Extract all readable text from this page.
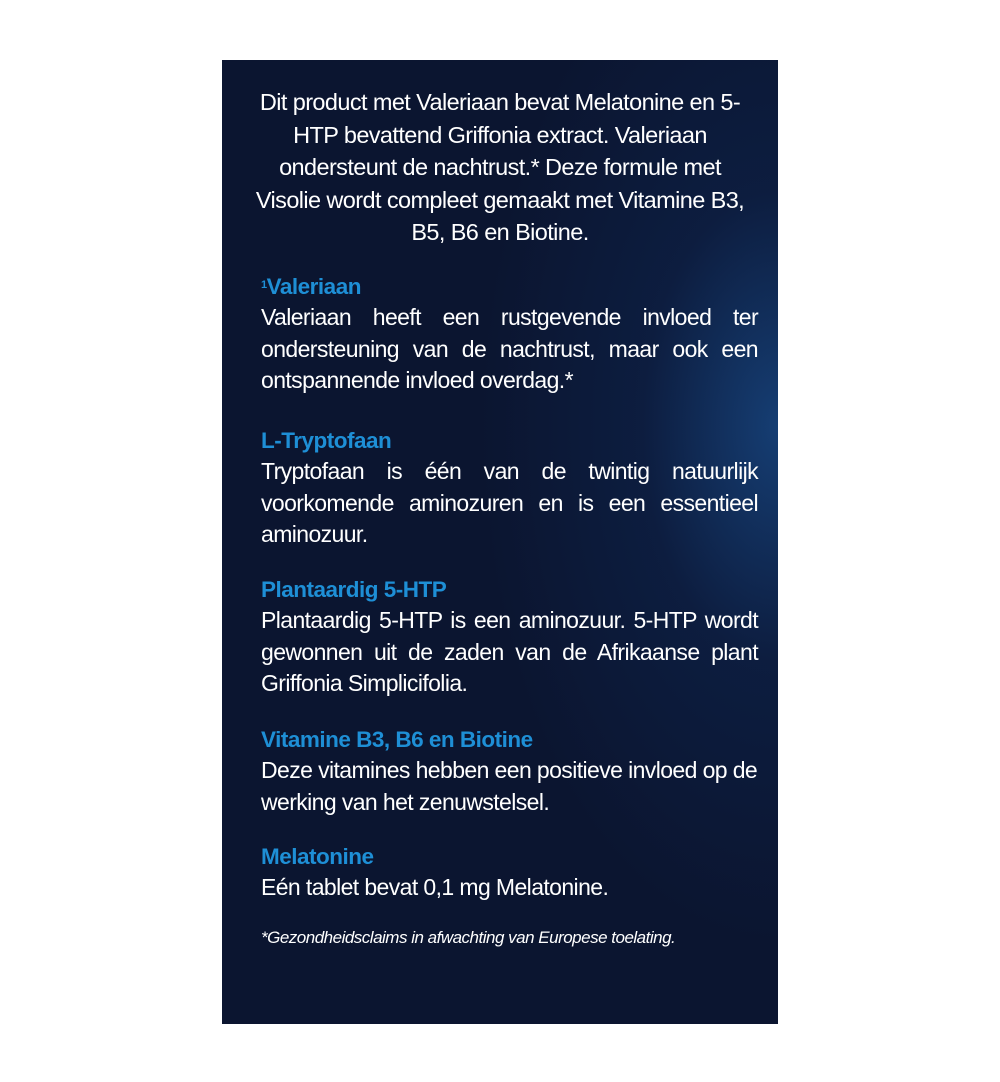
Dit product met Valeriaan bevat Melatonine en 5-HTP bevattend Griffonia extract. Valeriaan ondersteunt de nachtrust.* Deze formule met Visolie wordt compleet gemaakt met Vitamine B3, B5, B6 en Biotine.

$^1$Valeriaan

Valeriaan heeft een rustgevende invloed ter ondersteuning van de nachtrust, maar ook een ontspannende invloed overdag.*

L-Tryptofaan

Tryptofaan is één van de twintig natuurlijk voorkomende aminozuren en is een essentieel aminozuur.

Plantaardig 5-HTP

Plantaardig 5-HTP is een aminozuur. 5-HTP wordt gewonnen uit de zaden van de Afrikaanse plant Griffonia Simplicifolia.

Vitamine B3, B6 en Biotine

Deze vitamines hebben een positieve invloed op de werking van het zenuwstelsel.

Melatonine

Eén tablet bevat 0,1 mg Melatonine.

*Gezondheidsclaims in afwachting van Europese toelating.
